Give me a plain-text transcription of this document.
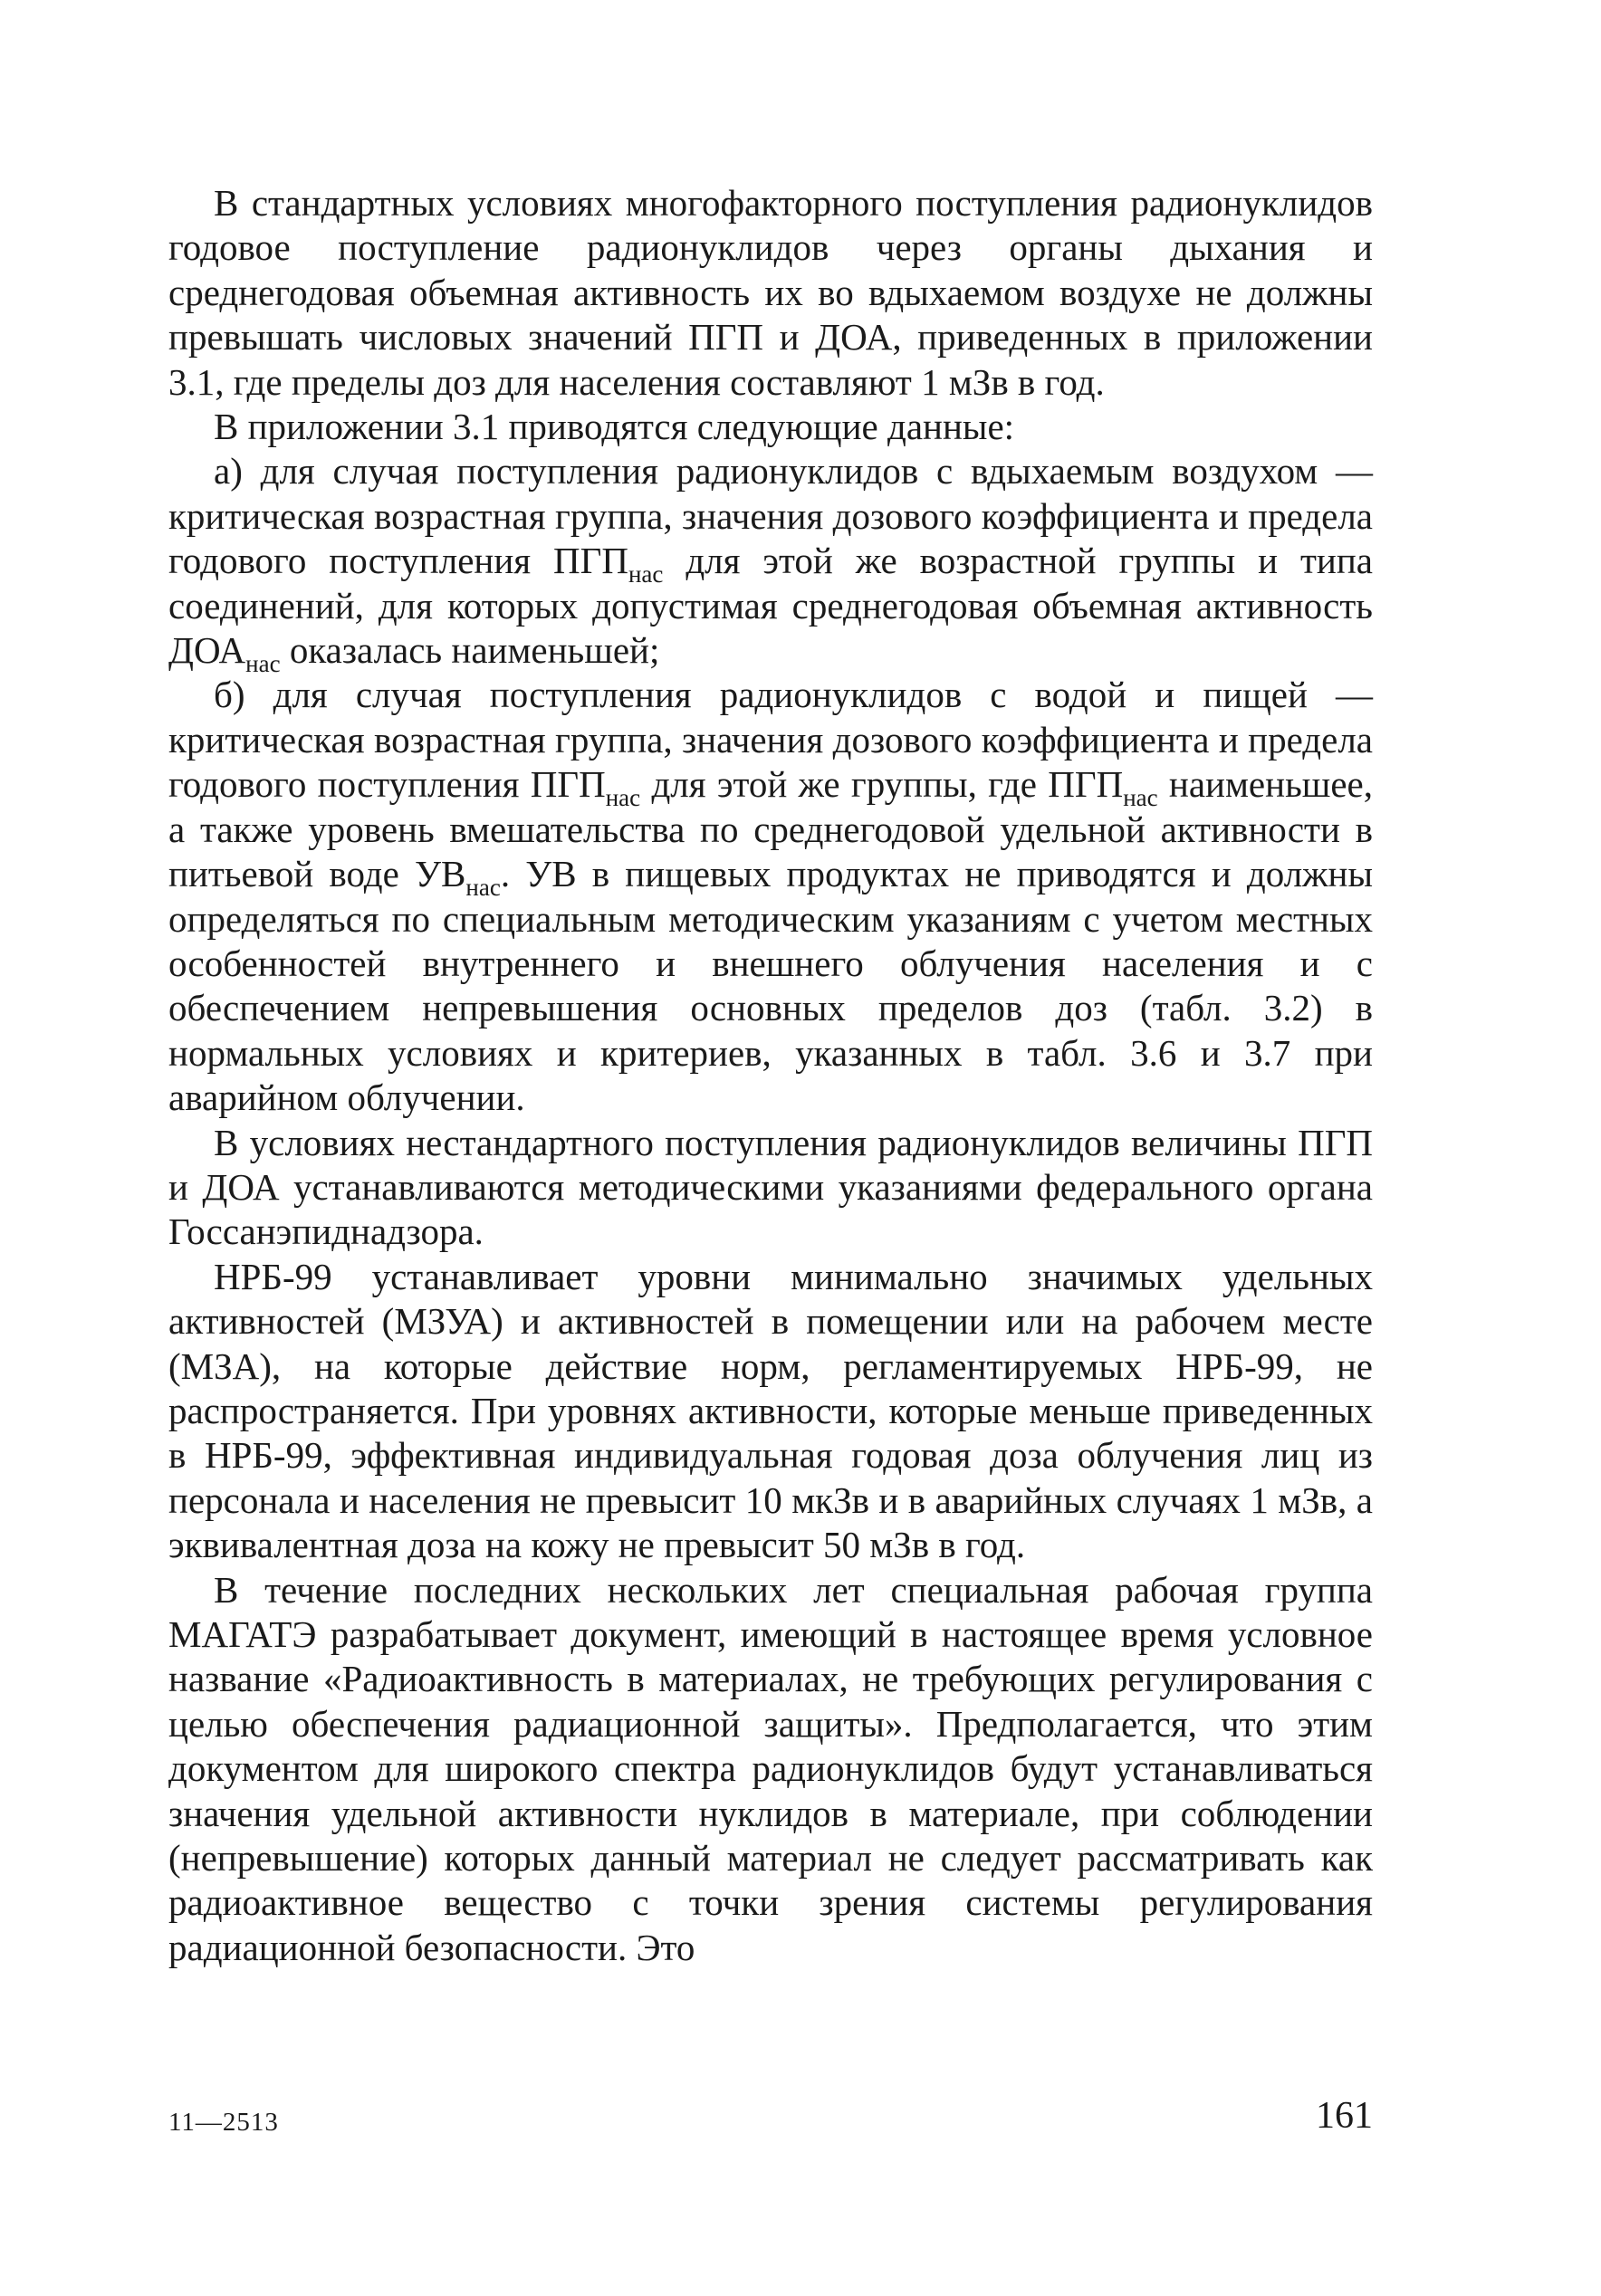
В стандартных условиях многофакторного поступления радионуклидов годовое поступление радионуклидов через органы дыхания и среднегодовая объемная активность их во вдыхаемом воздухе не должны превышать числовых значений ПГП и ДОА, приведенных в приложении 3.1, где пределы доз для населения составляют 1 мЗв в год.

В приложении 3.1 приводятся следующие данные:

а) для случая поступления радионуклидов с вдыхаемым воздухом — критическая возрастная группа, значения дозового коэффициента и предела годового поступления $ПГП_{нас}$ для этой же возрастной группы и типа соединений, для которых допустимая среднегодовая объемная активность $ДОА_{нас}$ оказалась наименьшей;

б) для случая поступления радионуклидов с водой и пищей — критическая возрастная группа, значения дозового коэффициента и предела годового поступления $ПГП_{нас}$ для этой же группы, где $ПГП_{нас}$ наименьшее, а также уровень вмешательства по среднегодовой удельной активности в питьевой воде $УВ_{нас}$. УВ в пищевых продуктах не приводятся и должны определяться по специальным методическим указаниям с учетом местных особенностей внутреннего и внешнего облучения населения и с обеспечением непревышения основных пределов доз (табл. 3.2) в нормальных условиях и критериев, указанных в табл. 3.6 и 3.7 при аварийном облучении.

В условиях нестандартного поступления радионуклидов величины ПГП и ДОА устанавливаются методическими указаниями федерального органа Госсанэпиднадзора.

НРБ-99 устанавливает уровни минимально значимых удельных активностей (МЗУА) и активностей в помещении или на рабочем месте (МЗА), на которые действие норм, регламентируемых НРБ-99, не распространяется. При уровнях активности, которые меньше приведенных в НРБ-99, эффективная индивидуальная годовая доза облучения лиц из персонала и населения не превысит 10 мкЗв и в аварийных случаях 1 мЗв, а эквивалентная доза на кожу не превысит 50 мЗв в год.

В течение последних нескольких лет специальная рабочая группа МАГАТЭ разрабатывает документ, имеющий в настоящее время условное название «Радиоактивность в материалах, не требующих регулирования с целью обеспечения радиационной защиты». Предполагается, что этим документом для широкого спектра радионуклидов будут устанавливаться значения удельной активности нуклидов в материале, при соблюдении (непревышение) которых данный материал не следует рассматривать как радиоактивное вещество с точки зрения системы регулирования радиационной безопасности. Это

11—2513	161
